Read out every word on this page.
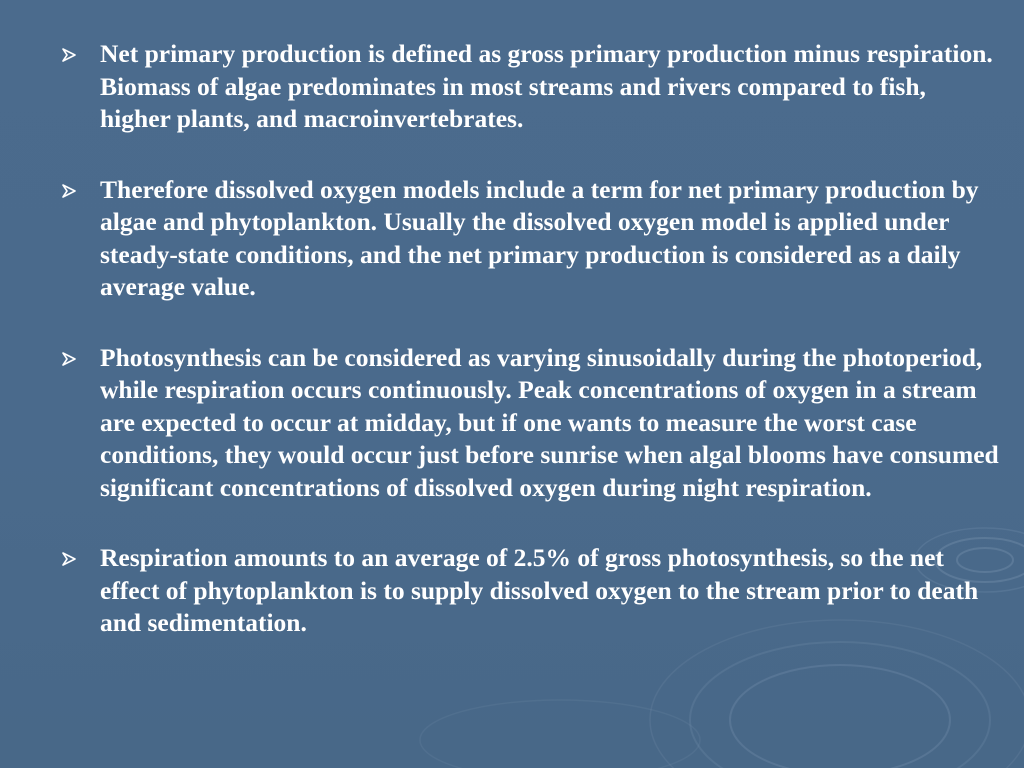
Net primary production is defined as gross primary production minus respiration. Biomass of algae predominates in most streams and rivers compared to fish, higher plants, and macroinvertebrates.
Therefore dissolved oxygen models include a term for net primary production by algae and phytoplankton. Usually the dissolved oxygen model is applied under steady-state conditions, and the net primary production is considered as a daily average value.
Photosynthesis can be considered as varying sinusoidally during the photoperiod, while respiration occurs continuously. Peak concentrations of oxygen in a stream are expected to occur at midday, but if one wants to measure the worst case conditions, they would occur just before sunrise when algal blooms have consumed significant concentrations of dissolved oxygen during night respiration.
Respiration amounts to an average of 2.5% of gross photosynthesis, so the net effect of phytoplankton is to supply dissolved oxygen to the stream prior to death and sedimentation.
